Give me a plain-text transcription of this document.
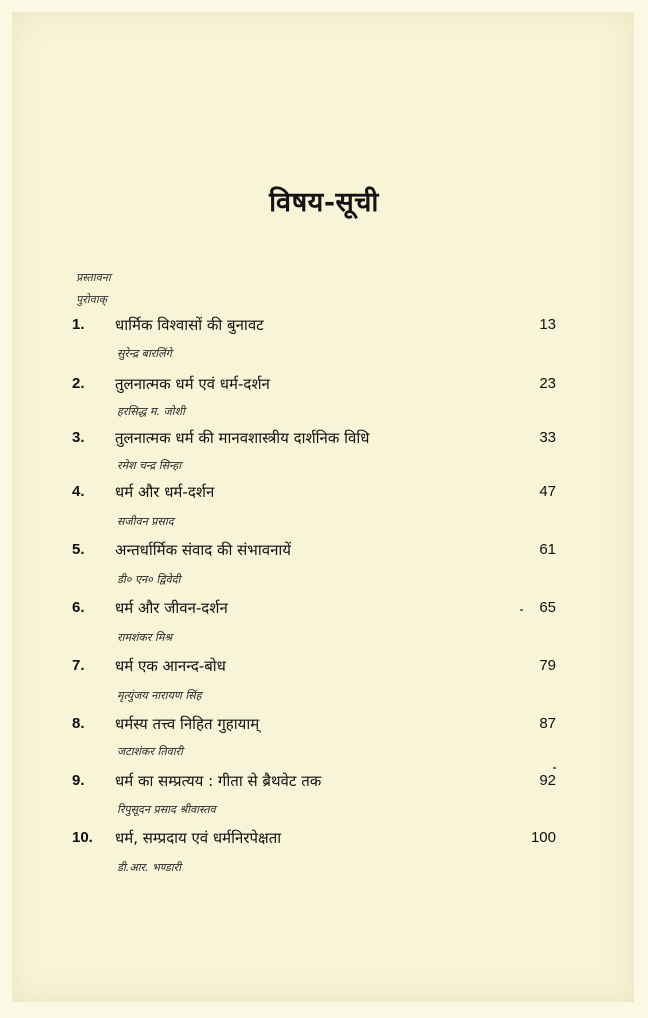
विषय-सूची
प्रस्तावना
पुरोवाक्
1. धार्मिक विश्वासों की बुनावट	13
सुरेन्द्र बारलिंगे
2. तुलनात्मक धर्म एवं धर्म-दर्शन	23
हरसिद्ध म. जोशी
3. तुलनात्मक धर्म की मानवशास्त्रीय दार्शनिक विधि	33
रमेश चन्द्र सिन्हा
4. धर्म और धर्म-दर्शन	47
सजीवन प्रसाद
5. अन्तर्धार्मिक संवाद की संभावनायें	61
डी० एन० द्विवेदी
6. धर्म और जीवन-दर्शन	65
रामशंकर मिश्र
7. धर्म एक आनन्द-बोध	79
मृत्युंजय नारायण सिंह
8. धर्मस्य तत्त्व निहित गुहायाम्	87
जटाशंकर तिवारी
9. धर्म का सम्प्रत्यय : गीता से ब्रैथवेट तक	92
रिपुसूदन प्रसाद श्रीवास्तव
10. धर्म, सम्प्रदाय एवं धर्मनिरपेक्षता	100
डी.आर. भण्डारी
